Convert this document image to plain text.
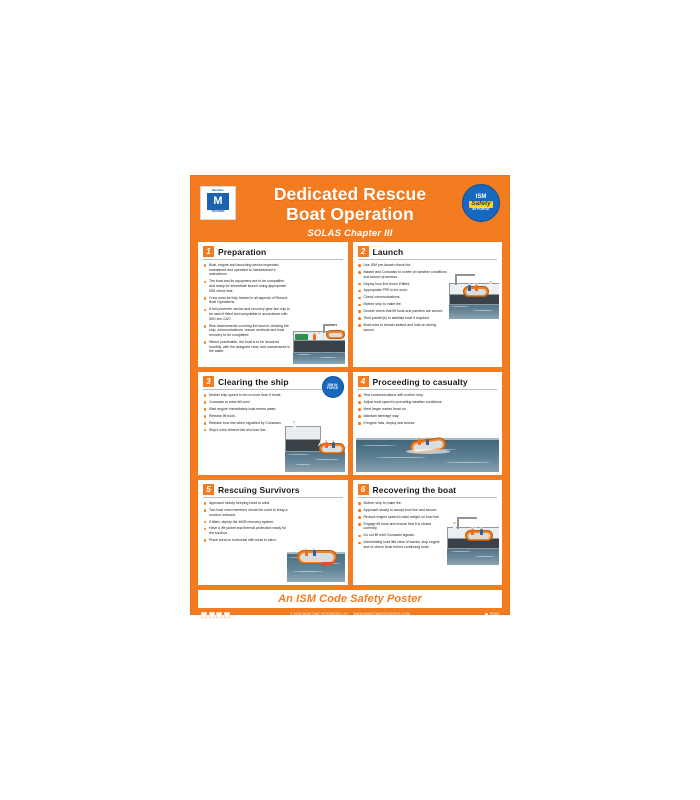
Maritime
M
TRAINING
Dedicated Rescue
Boat Operation
SOLAS Chapter III
ISM
Safety
IN FORCE
1 Preparation
Boat, engine and launching device inspected, maintained and operated to manufacturer's instructions.
The boat and its equipment are to be compatible and ready for immediate launch using appropriate ISM check lists.
Crew must be fully trained in all aspects of Rescue Boat Operations.
A full preventer device and recovery gear are only to be used if fitted and compatible in accordance with IMO circ.1327.
Risk Assessments covering the launch, clearing the ship, communications, rescue methods and boat recovery to be completed.
Where practicable, the boat is to be launched monthly, with the assigned crew, and manoeuvred in the water.
2 Launch
Use ISM pre-launch check list.
Master and Coxswain to confer on weather conditions and launch procedure.
Deploy bow line boom if fitted.
Appropriate PPE to be worn.
Check communications.
Mother ship to make lee.
Double check that lift hook and painters are secure.
Tend painter(s) to stabilise boat if required.
Boat crew to remain seated and hold on during launch.
3 Clearing the ship	ISM IN FORCE
Mother ship speed to be no more than 5 knots.
Coxswain to wear kill cord.
Start engine immediately boat enters water.
Release lift hook.
Release bow line when signalled by Coxswain.
Ship's crew retrieve fall and bow line.
4 Proceeding to casualty
Test communications with mother ship.
Adjust boat speed to prevailing weather conditions.
Meet larger waves head on.
Maintain steerage way.
If engine fails, deploy sea anchor.
5 Rescuing Survivors
Approach slowly, keeping head to wind.
Two boat crew members should be used to bring a survivor onboard.
If fitted, deploy the MOB recovery system.
Have a life jacket and thermal protection ready for the survivor.
Place survivor horizontal with head to stern.
6 Recovering the boat
Mother ship to make lee.
Approach slowly to accept bow line and secure.
Reduce engine speed to take weight on bow line.
Engage lift hook and ensure that it is closed correctly.
Do not lift until Coxswain signals.
Immediately load lifts clear of waves, stop engine and re-check hook before continuing hoist.
An ISM Code Safety Poster
© 2009 MARITIME PROGRESS LTD. WWW.MARITIMEPROGRESS.COM	P1504
